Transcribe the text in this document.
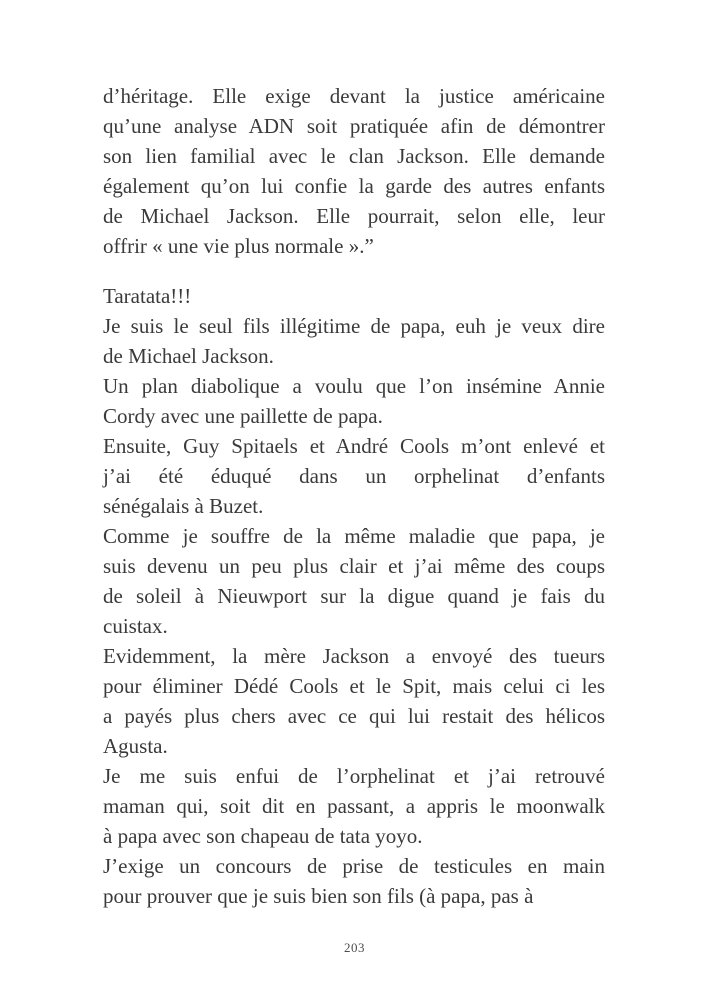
d’héritage. Elle exige devant la justice américaine
qu’une analyse ADN soit pratiquée afin de démontrer
son lien familial avec le clan Jackson. Elle demande
également qu’on lui confie la garde des autres enfants
de Michael Jackson. Elle pourrait, selon elle, leur
offrir « une vie plus normale ».”
Taratata!!!
Je suis le seul fils illégitime de papa, euh je veux dire
de Michael Jackson.
Un plan diabolique a voulu que l’on insémine Annie
Cordy avec une paillette de papa.
Ensuite, Guy Spitaels et André Cools m’ont enlevé et
j’ai été éduqué dans un orphelinat d’enfants
sénégalais à Buzet.
Comme je souffre de la même maladie que papa, je
suis devenu un peu plus clair et j’ai même des coups
de soleil à Nieuwport sur la digue quand je fais du
cuistax.
Evidemment, la mère Jackson a envoyé des tueurs
pour éliminer Dédé Cools et le Spit, mais celui ci les
a payés plus chers avec ce qui lui restait des hélicos
Agusta.
Je me suis enfui de l’orphelinat et j’ai retrouvé
maman qui, soit dit en passant, a appris le moonwalk
à papa avec son chapeau de tata yoyo.
J’exige un concours de prise de testicules en main
pour prouver que je suis bien son fils (à papa, pas à
203
